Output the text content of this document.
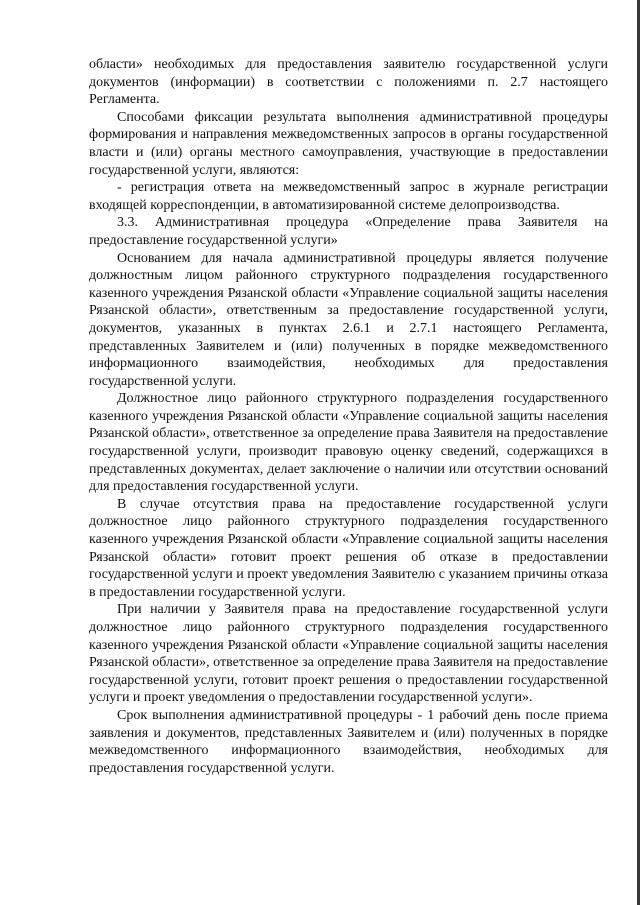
области» необходимых для предоставления заявителю государственной услуги документов (информации) в соответствии с положениями п. 2.7 настоящего Регламента.

Способами фиксации результата выполнения административной процедуры формирования и направления межведомственных запросов в органы государственной власти и (или) органы местного самоуправления, участвующие в предоставлении государственной услуги, являются:

- регистрация ответа на межведомственный запрос в журнале регистрации входящей корреспонденции, в автоматизированной системе делопроизводства.

3.3. Административная процедура «Определение права Заявителя на предоставление государственной услуги»

Основанием для начала административной процедуры является получение должностным лицом районного структурного подразделения государственного казенного учреждения Рязанской области «Управление социальной защиты населения Рязанской области», ответственным за предоставление государственной услуги, документов, указанных в пунктах 2.6.1 и 2.7.1 настоящего Регламента, представленных Заявителем и (или) полученных в порядке межведомственного информационного взаимодействия, необходимых для предоставления государственной услуги.

Должностное лицо районного структурного подразделения государственного казенного учреждения Рязанской области «Управление социальной защиты населения Рязанской области», ответственное за определение права Заявителя на предоставление государственной услуги, производит правовую оценку сведений, содержащихся в представленных документах, делает заключение о наличии или отсутствии оснований для предоставления государственной услуги.

В случае отсутствия права на предоставление государственной услуги должностное лицо районного структурного подразделения государственного казенного учреждения Рязанской области «Управление социальной защиты населения Рязанской области» готовит проект решения об отказе в предоставлении государственной услуги и проект уведомления Заявителю с указанием причины отказа в предоставлении государственной услуги.

При наличии у Заявителя права на предоставление государственной услуги должностное лицо районного структурного подразделения государственного казенного учреждения Рязанской области «Управление социальной защиты населения Рязанской области», ответственное за определение права Заявителя на предоставление государственной услуги, готовит проект решения о предоставлении государственной услуги и проект уведомления о предоставлении государственной услуги».

Срок выполнения административной процедуры - 1 рабочий день после приема заявления и документов, представленных Заявителем и (или) полученных в порядке межведомственного информационного взаимодействия, необходимых для предоставления государственной услуги.
